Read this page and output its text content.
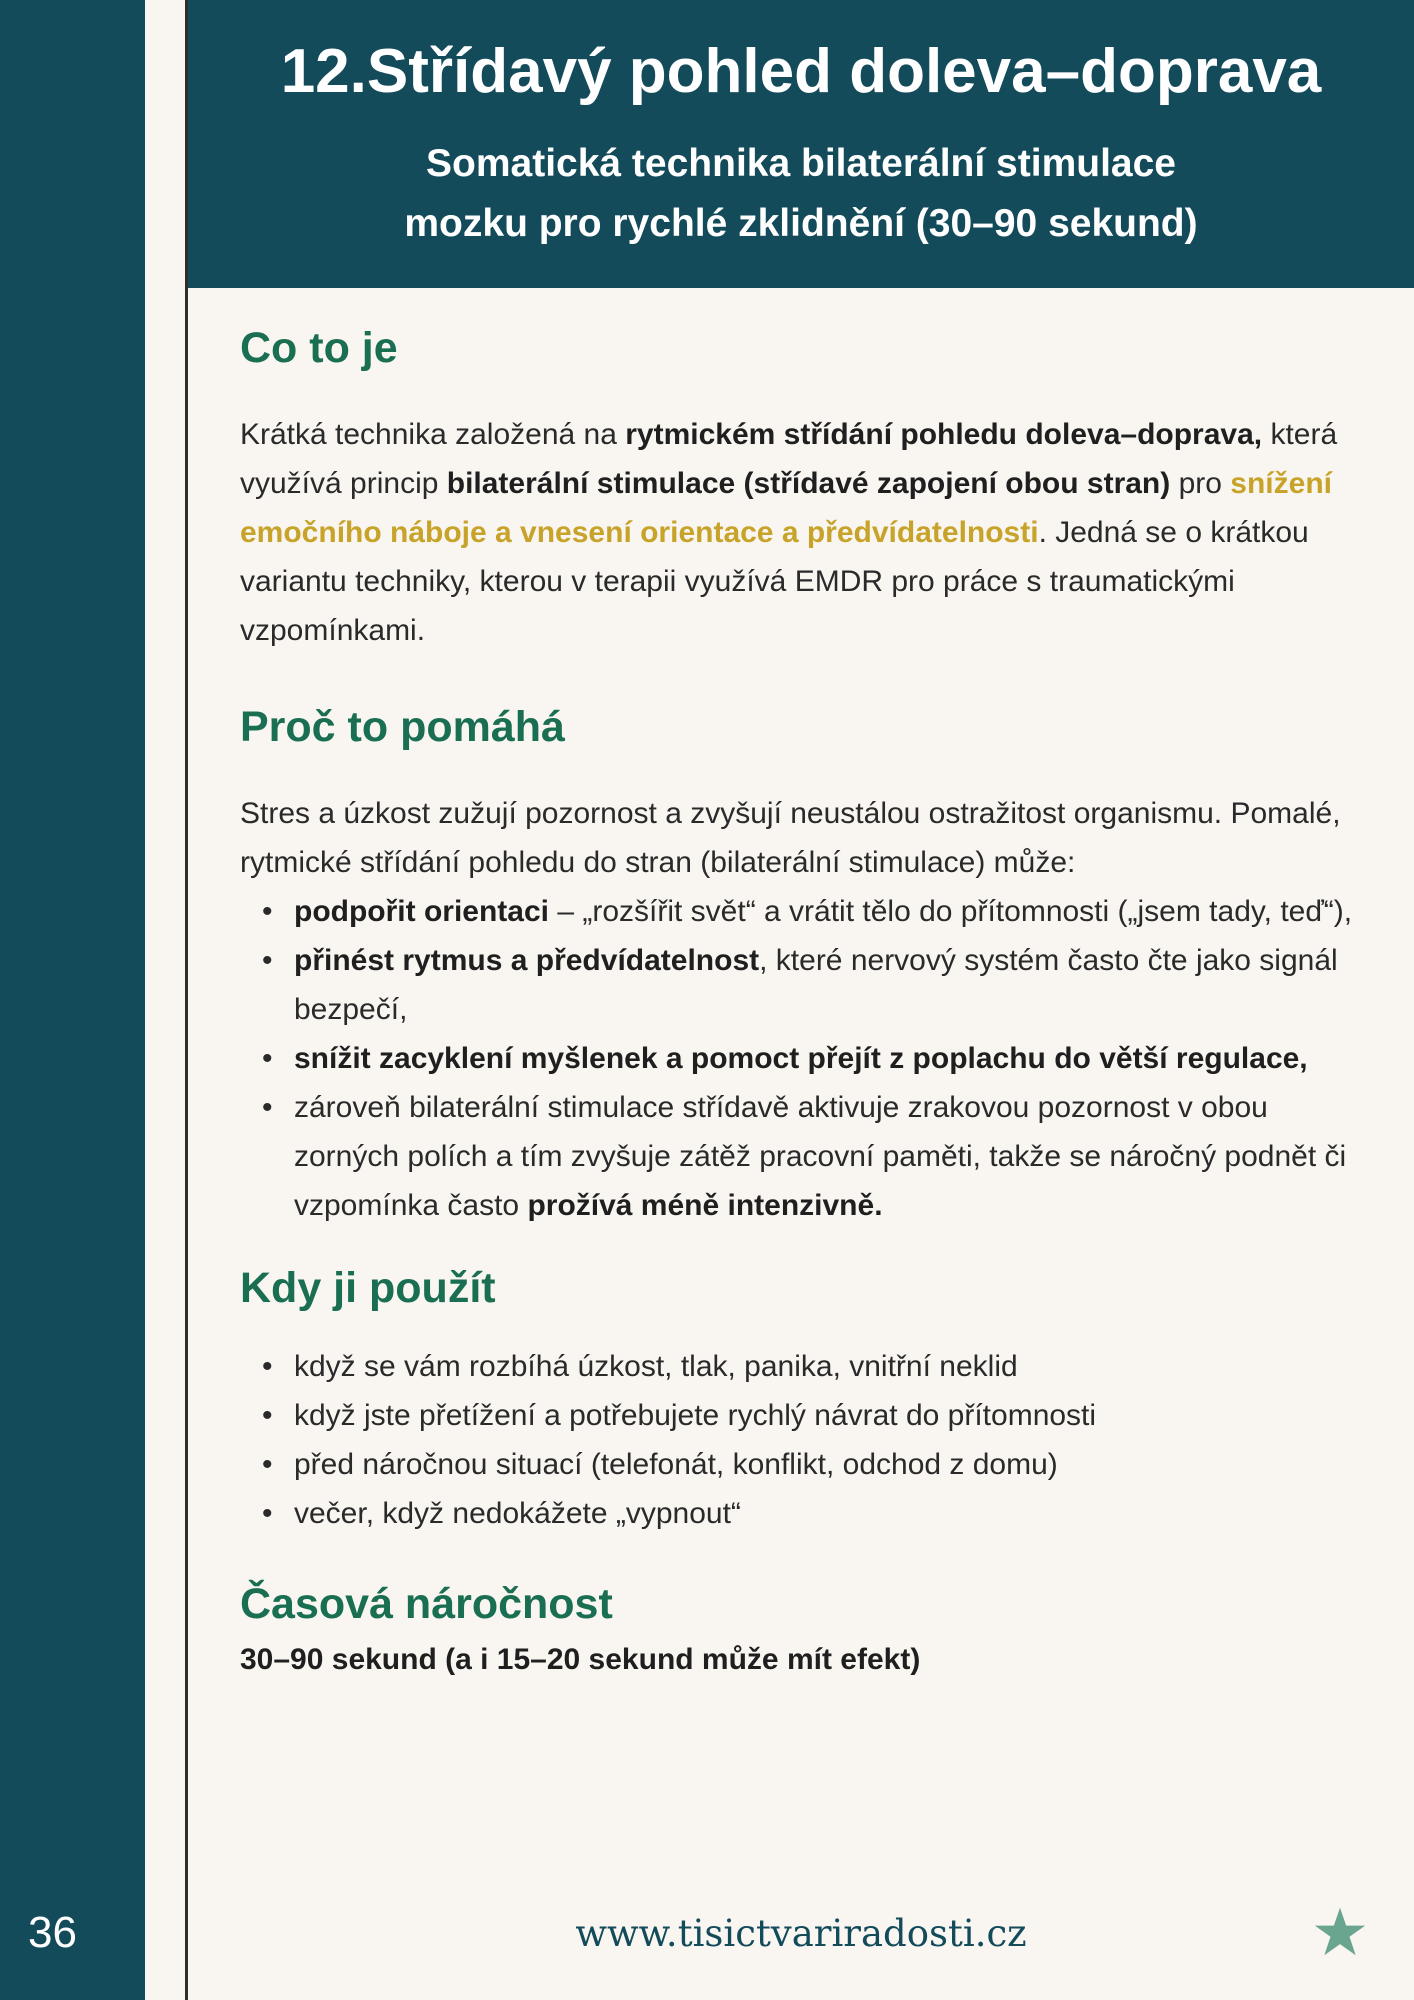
36
12.Střídavý pohled doleva–doprava

Somatická technika bilaterální stimulace
mozku pro rychlé zklidnění (30–90 sekund)

Co to je

Krátká technika založená na rytmickém střídání pohledu doleva–doprava, která využívá princip bilaterální stimulace (střídavé zapojení obou stran) pro snížení emočního náboje a vnesení orientace a předvídatelnosti. Jedná se o krátkou variantu techniky, kterou v terapii využívá EMDR pro práce s traumatickými vzpomínkami.

Proč to pomáhá

Stres a úzkost zužují pozornost a zvyšují neustálou ostražitost organismu. Pomalé, rytmické střídání pohledu do stran (bilaterální stimulace) může:

• podpořit orientaci – „rozšířit svět“ a vrátit tělo do přítomnosti („jsem tady, teď“),
• přinést rytmus a předvídatelnost, které nervový systém často čte jako signál bezpečí,
• snížit zacyklení myšlenek a pomoct přejít z poplachu do větší regulace,
• zároveň bilaterální stimulace střídavě aktivuje zrakovou pozornost v obou zorných polích a tím zvyšuje zátěž pracovní paměti, takže se náročný podnět či vzpomínka často prožívá méně intenzivně.
Kdy ji použít
• když se vám rozbíhá úzkost, tlak, panika, vnitřní neklid
• když jste přetížení a potřebujete rychlý návrat do přítomnosti
• před náročnou situací (telefonát, konflikt, odchod z domu)
• večer, když nedokážete „vypnout“
Časová náročnost

30–90 sekund (a i 15–20 sekund může mít efekt)

www.tisictvariradosti.cz
